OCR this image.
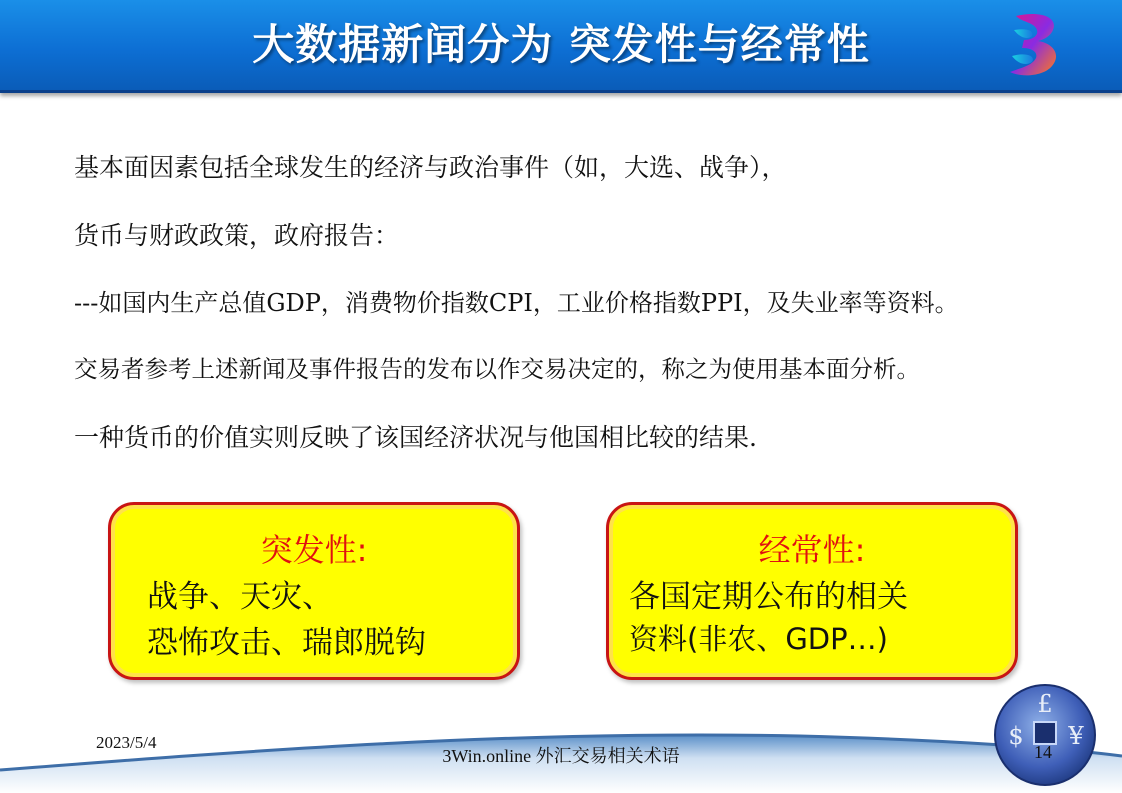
大数据新闻分为 突发性与经常性
基本面因素包括全球发生的经济与政治事件（如，大选、战争），
货币与财政政策，政府报告：
---如国内生产总值GDP，消费物价指数CPI，工业价格指数PPI，及失业率等资料。
交易者参考上述新闻及事件报告的发布以作交易决定的，称之为使用基本面分析。
一种货币的价值实则反映了该国经济状况与他国相比较的结果.
突发性:
战争、天灾、
恐怖攻击、瑞郎脱钩
经常性:
各国定期公布的相关
资料(非农、GDP…)
£
$ ¥
2023/5/4
3Win.online 外汇交易相关术语	14
